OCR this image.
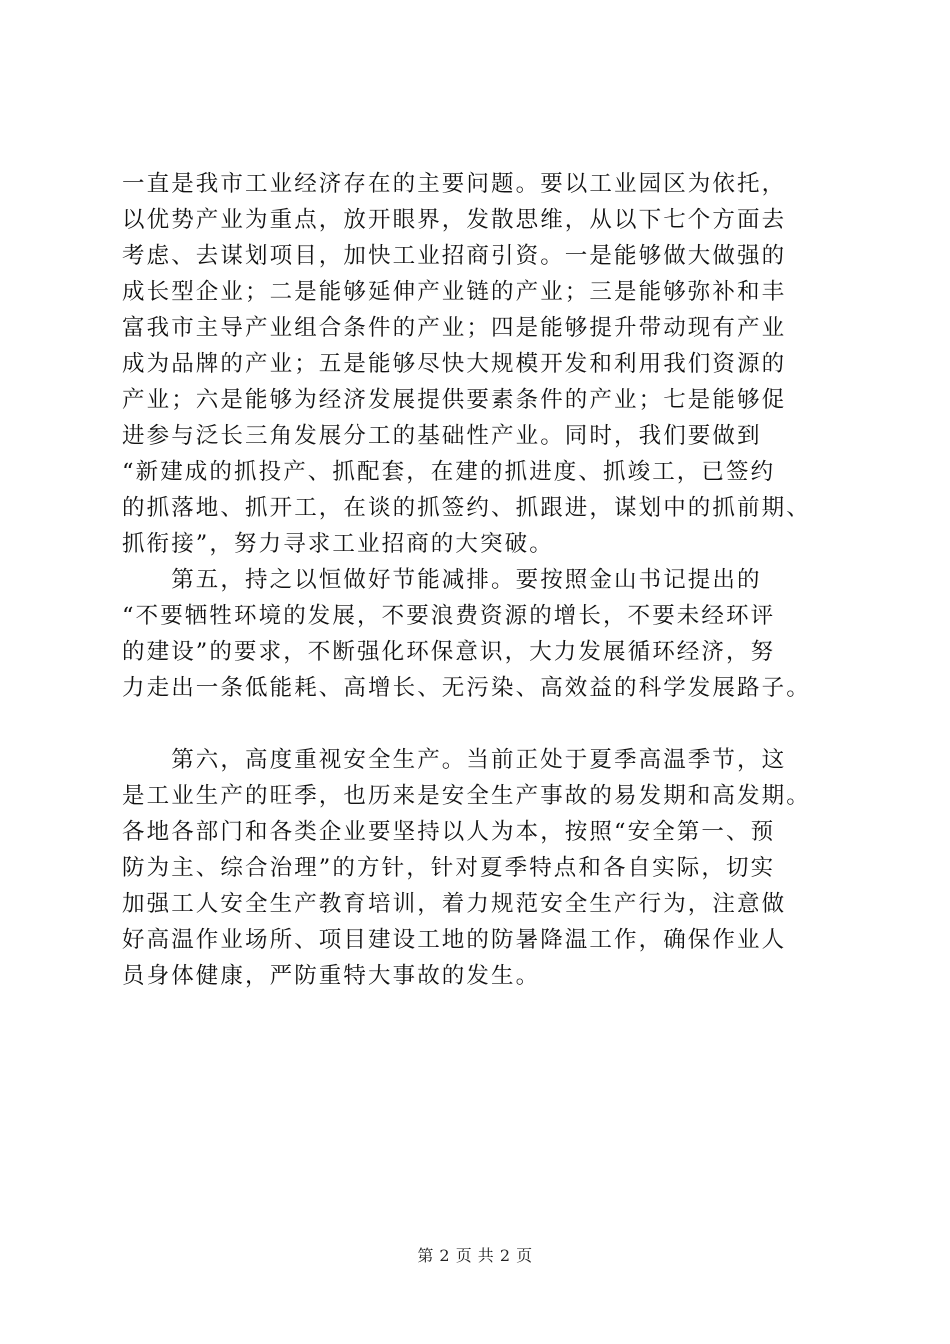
一直是我市工业经济存在的主要问题。要以工业园区为依托，
以优势产业为重点，放开眼界，发散思维，从以下七个方面去
考虑、去谋划项目，加快工业招商引资。一是能够做大做强的
成长型企业；二是能够延伸产业链的产业；三是能够弥补和丰
富我市主导产业组合条件的产业；四是能够提升带动现有产业
成为品牌的产业；五是能够尽快大规模开发和利用我们资源的
产业；六是能够为经济发展提供要素条件的产业；七是能够促
进参与泛长三角发展分工的基础性产业。同时，我们要做到
“新建成的抓投产、抓配套，在建的抓进度、抓竣工，已签约
的抓落地、抓开工，在谈的抓签约、抓跟进，谋划中的抓前期、
抓衔接”，努力寻求工业招商的大突破。
　　第五，持之以恒做好节能减排。要按照金山书记提出的
“不要牺牲环境的发展，不要浪费资源的增长，不要未经环评
的建设”的要求，不断强化环保意识，大力发展循环经济，努
力走出一条低能耗、高增长、无污染、高效益的科学发展路子。
　　第六，高度重视安全生产。当前正处于夏季高温季节，这
是工业生产的旺季，也历来是安全生产事故的易发期和高发期。
各地各部门和各类企业要坚持以人为本，按照“安全第一、预
防为主、综合治理”的方针，针对夏季特点和各自实际，切实
加强工人安全生产教育培训，着力规范安全生产行为，注意做
好高温作业场所、项目建设工地的防暑降温工作，确保作业人
员身体健康，严防重特大事故的发生。
第 2 页 共 2 页
